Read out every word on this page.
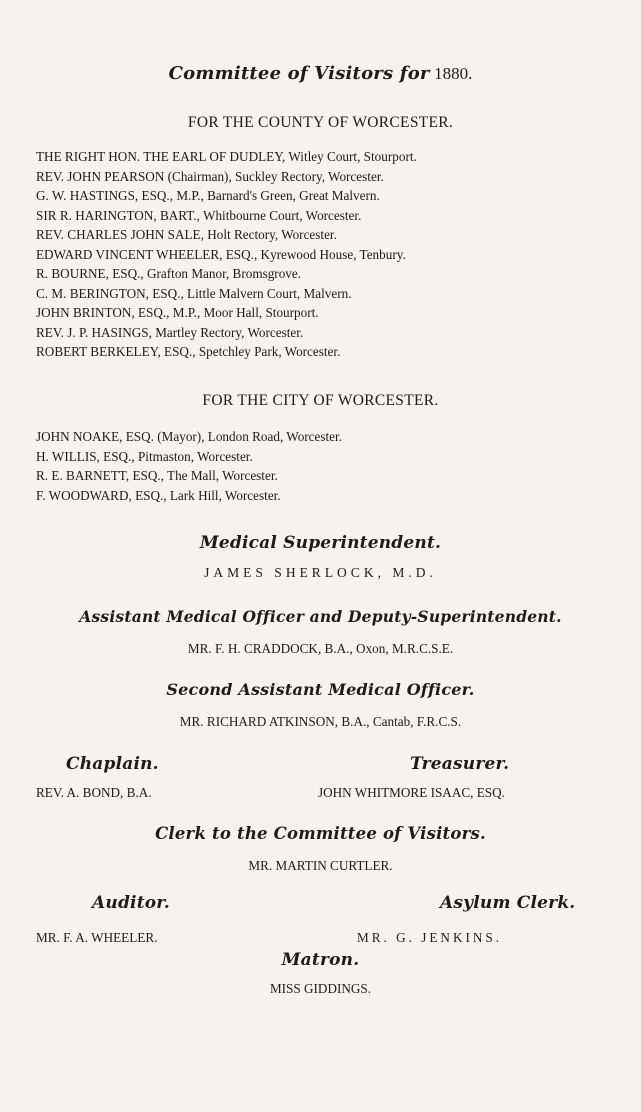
Committee of Visitors for 1880.
FOR THE COUNTY OF WORCESTER.
THE RIGHT HON. THE EARL OF DUDLEY, Witley Court, Stourport.
REV. JOHN PEARSON (Chairman), Suckley Rectory, Worcester.
G. W. HASTINGS, ESQ., M.P., Barnard's Green, Great Malvern.
SIR R. HARINGTON, BART., Whitbourne Court, Worcester.
REV. CHARLES JOHN SALE, Holt Rectory, Worcester.
EDWARD VINCENT WHEELER, ESQ., Kyrewood House, Tenbury.
R. BOURNE, ESQ., Grafton Manor, Bromsgrove.
C. M. BERINGTON, ESQ., Little Malvern Court, Malvern.
JOHN BRINTON, ESQ., M.P., Moor Hall, Stourport.
REV. J. P. HASINGS, Martley Rectory, Worcester.
ROBERT BERKELEY, ESQ., Spetchley Park, Worcester.
FOR THE CITY OF WORCESTER.
JOHN NOAKE, ESQ. (Mayor), London Road, Worcester.
H. WILLIS, ESQ., Pitmaston, Worcester.
R. E. BARNETT, ESQ., The Mall, Worcester.
F. WOODWARD, ESQ., Lark Hill, Worcester.
Medical Superintendent.
JAMES SHERLOCK, M.D.
Assistant Medical Officer and Deputy-Superintendent.
MR. F. H. CRADDOCK, B.A., Oxon, M.R.C.S.E.
Second Assistant Medical Officer.
MR. RICHARD ATKINSON, B.A., Cantab, F.R.C.S.
Chaplain.
REV. A. BOND, B.A.
Treasurer.
JOHN WHITMORE ISAAC, ESQ.
Clerk to the Committee of Visitors.
MR. MARTIN CURTLER.
Auditor.
MR. F. A. WHEELER.
Asylum Clerk.
MR. G. JENKINS.
Matron.
MISS GIDDINGS.
